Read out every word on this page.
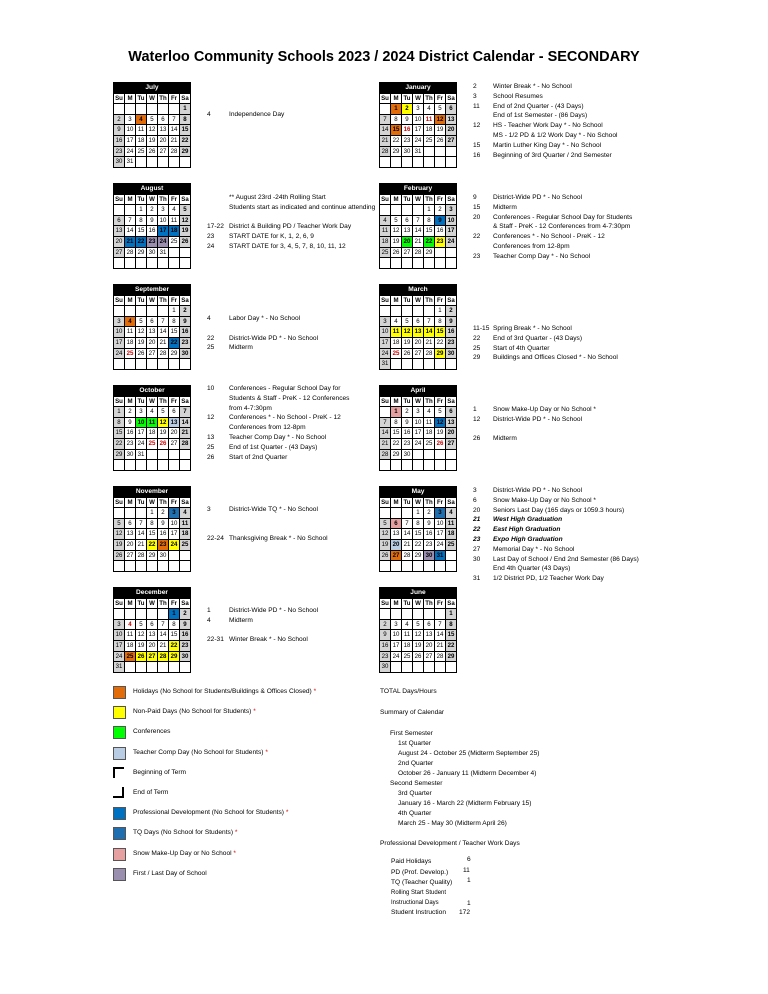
Waterloo Community Schools 2023 / 2024 District Calendar - SECONDARY
July						
Su	M	Tu	W	Th	Fr	Sa
						1
2	3	4	5	6	7	8
9	10	11	12	13	14	15
16	17	18	19	20	21	22
23	24	25	26	27	28	29
30	31					
August						
Su	M	Tu	W	Th	Fr	Sa
		1	2	3	4	5
6	7	8	9	10	11	12
13	14	15	16	17	18	19
20	21	22	23	24	25	26
27	28	29	30	31		

September						
Su	M	Tu	W	Th	Fr	Sa
					1	2
3	4	5	6	7	8	9
10	11	12	13	14	15	16
17	18	19	20	21	22	23
24	25	26	27	28	29	30

October						
Su	M	Tu	W	Th	Fr	Sa
1	2	3	4	5	6	7
8	9	10	11	12	13	14
15	16	17	18	19	20	21
22	23	24	25	26	27	28
29	30	31				

November						
Su	M	Tu	W	Th	Fr	Sa
			1	2	3	4
5	6	7	8	9	10	11
12	13	14	15	16	17	18
19	20	21	22	23	24	25
26	27	28	29	30		

December						
Su	M	Tu	W	Th	Fr	Sa
					1	2
3	4	5	6	7	8	9
10	11	12	13	14	15	16
17	18	19	20	21	22	23
24	25	26	27	28	29	30
31						
January						
Su	M	Tu	W	Th	Fr	Sa
	1	2	3	4	5	6
7	8	9	10	11	12	13
14	15	16	17	18	19	20
21	22	23	24	25	26	27
28	29	30	31			

February						
Su	M	Tu	W	Th	Fr	Sa
				1	2	3
4	5	6	7	8	9	10
11	12	13	14	15	16	17
18	19	20	21	22	23	24
25	26	27	28	29		

March						
Su	M	Tu	W	Th	Fr	Sa
					1	2
3	4	5	6	7	8	9
10	11	12	13	14	15	16
17	18	19	20	21	22	23
24	25	26	27	28	29	30
31						
April						
Su	M	Tu	W	Th	Fr	Sa
	1	2	3	4	5	6
7	8	9	10	11	12	13
14	15	16	17	18	19	20
21	22	23	24	25	26	27
28	29	30				

May						
Su	M	Tu	W	Th	Fr	Sa
			1	2	3	4
5	6	7	8	9	10	11
12	13	14	15	16	17	18
19	20	21	22	23	24	25
26	27	28	29	30	31	

June						
Su	M	Tu	W	Th	Fr	Sa
						1
2	3	4	5	6	7	8
9	10	11	12	13	14	15
16	17	18	19	20	21	22
23	24	25	26	27	28	29
30						
4	Independence Day
** August 23rd -24th Rolling Start
Students start as indicated and continue attending

17-22 District & Building PD / Teacher Work Day
23 START DATE for K, 1, 2, 6, 9
24 START DATE for 3, 4, 5, 7, 8, 10, 11, 12
4	Labor Day * - No School

22 District-Wide PD * - No School
25 Midterm
10 Conferences - Regular School Day for
Students & Staff - PreK - 12 Conferences
from 4-7:30pm
12 Conferences * - No School - PreK - 12
Conferences from 12-8pm
13 Teacher Comp Day * - No School
25 End of 1st Quarter - (43 Days)
26 Start of 2nd Quarter
3	District-Wide TQ * - No School

22-24 Thanksgiving Break * - No School
1	District-Wide PD * - No School
4	Midterm

22-31 Winter Break * - No School
2 Winter Break * - No School
3 School Resumes
11 End of 2nd Quarter - (43 Days)
End of 1st Semester - (86 Days)
12 HS - Teacher Work Day * - No School
MS - 1/2 PD & 1/2 Work Day * - No School
15 Martin Luther King Day * - No School
16 Beginning of 3rd Quarter / 2nd Semester
9 District-Wide PD * - No School
15 Midterm
20 Conferences - Regular School Day for Students
& Staff - PreK - 12 Conferences from 4-7:30pm
22 Conferences * - No School - PreK - 12
Conferences from 12-8pm
23 Teacher Comp Day * - No School
11-15 Spring Break * - No School
22 End of 3rd Quarter - (43 Days)
25 Start of 4th Quarter
29 Buildings and Offices Closed * - No School
1 Snow Make-Up Day or No School *
12 District-Wide PD * - No School

26 Midterm
3 District-Wide PD * - No School
6 Snow Make-Up Day or No School *
20 Seniors Last Day (165 days or 1059.3 hours)
21 West High Graduation
22 East High Graduation
23 Expo High Graduation
27 Memorial Day * - No School
30 Last Day of School / End 2nd Semester (86 Days)
End 4th Quarter (43 Days)
31 1/2 District PD, 1/2 Teacher Work Day
Holidays (No School for Students/Buildings & Offices Closed) *
Non-Paid Days (No School for Students) *
Conferences
Teacher Comp Day (No School for Students) *
Beginning of Term
End of Term
Professional Development (No School for Students) *
TQ Days (No School for Students) *
Snow Make-Up Day or No School *
First / Last Day of School
TOTAL Days/Hours
Summary of Calendar
First Semester
1st Quarter
August 24 - October 25 (Midterm September 25)
2nd Quarter
October 26 - January 11 (Midterm December 4)
Second Semester
3rd Quarter
January 16 - March 22 (Midterm February 15)
4th Quarter
March 25 - May 30 (Midterm April 26)
Professional Development / Teacher Work Days
Paid Holidays	6
PD (Prof. Develop.) 11
TQ (Teacher Quality) 1
Rolling Start Student
Instructional Days	1
Student Instruction 172
